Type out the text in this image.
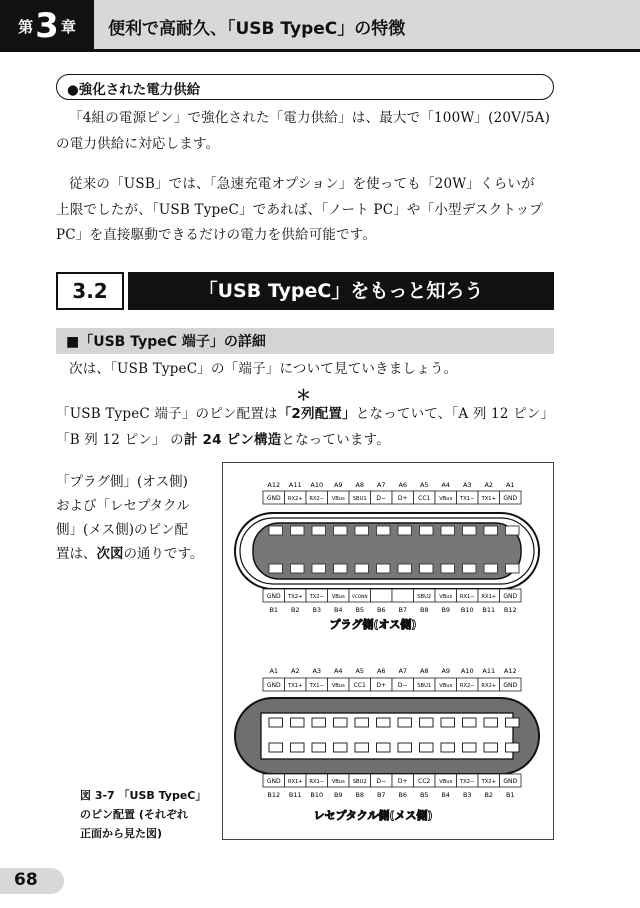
第 3 章 便利で高耐久、「USB TypeC」の特徴
●強化された電力供給
「4組の電源ピン」で強化された「電力供給」は、最大で「100W」(20V/5A)
の電力供給に対応します。
従来の「USB」では、「急速充電オプション」を使っても「20W」くらいが
上限でしたが、「USB TypeC」であれば、「ノート PC」や「小型デスクトップ
PC」を直接駆動できるだけの電力を供給可能です。
3.2	「USB TypeC」をもっと知ろう
■「USB TypeC 端子」の詳細
次は、「USB TypeC」の「端子」について見ていきましょう。
＊
「USB TypeC 端子」のピン配置は「2列配置」となっていて、「A 列 12 ピン」
「B 列 12 ピン」 の計 24 ピン構造となっています。
「プラグ側」(オス側)
および「レセプタクル
側」(メス側)のピン配
置は、次図の通りです。
A12 A11 A10 A9 A8 A7 A6 A5 A4 A3 A2 A1
GND RX2+ RX2− VBus SBU1 D− D+ CC1 VBus TX1− TX1+ GND
GND TX2+ TX2− VBus VCONN	SBU2 VBus RX1− RX1+ GND
B1 B2 B3 B4 B5 B6 B7 B8 B9 B10 B11 B12
プラグ側(オス側)
A1 A2 A3 A4 A5 A6 A7 A8 A9 A10 A11 A12
GND TX1+ TX1− VBus CC1 D+ D− SBU1 VBus RX2− RX2+ GND
GND RX1+ RX1− VBus SBU2 D− D+ CC2 VBus TX2− TX2+ GND
B12 B11 B10 B9 B8 B7 B6 B5 B4 B3 B2 B1
レセプタクル側(メス側)
図 3-7 「USB TypeC」
のピン配置 (それぞれ
正面から見た図)
68
